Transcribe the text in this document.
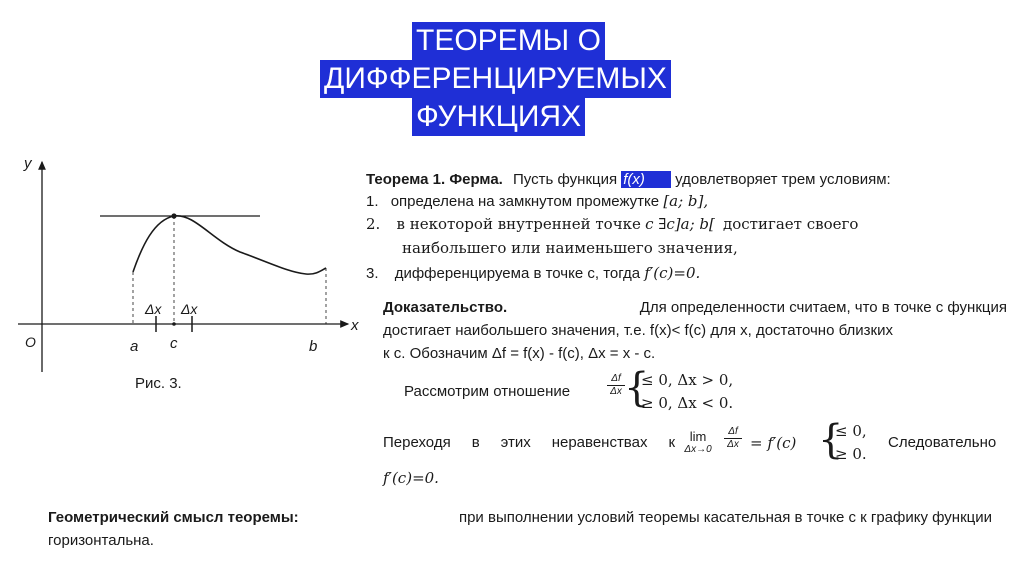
ТЕОРЕМЫ О
ДИФФЕРЕНЦИРУЕМЫХ
ФУНКЦИЯХ
y
x
O	a c	b
Δx Δx
Рис. 3.
Теорема 1. Ферма. Пусть функция f(x) удовлетворяет трем условиям:
1. определена на замкнутом промежутке [a; b],
2. в некоторой внутренней точке c ∃c]a; b[ достигает своего
наибольшего или наименьшего значения,
3. дифференцируема в точке c, тогда f′(c)=0.
Доказательство.	Для определенности считаем, что в точке c функция
достигает наибольшего значения, т.е. f(x)< f(c) для x, достаточно близких
к c. Обозначим Δf = f(x) - f(c), Δx = x - c.
Рассмотрим отношение	$\frac{\Delta f}{\Delta x}$ {
≤ 0, Δx > 0,
≥ 0, Δx < 0.
Переходя в этих неравенствах к	lim
Δx→0	$\frac{\Delta f}{\Delta x} = f'(c)$ {
≤ 0,
≥ 0.
Следовательно
f′(c)=0.
Геометрический смысл теоремы:	при выполнении условий теоремы касательная в точке c к графику функции
горизонтальна.
